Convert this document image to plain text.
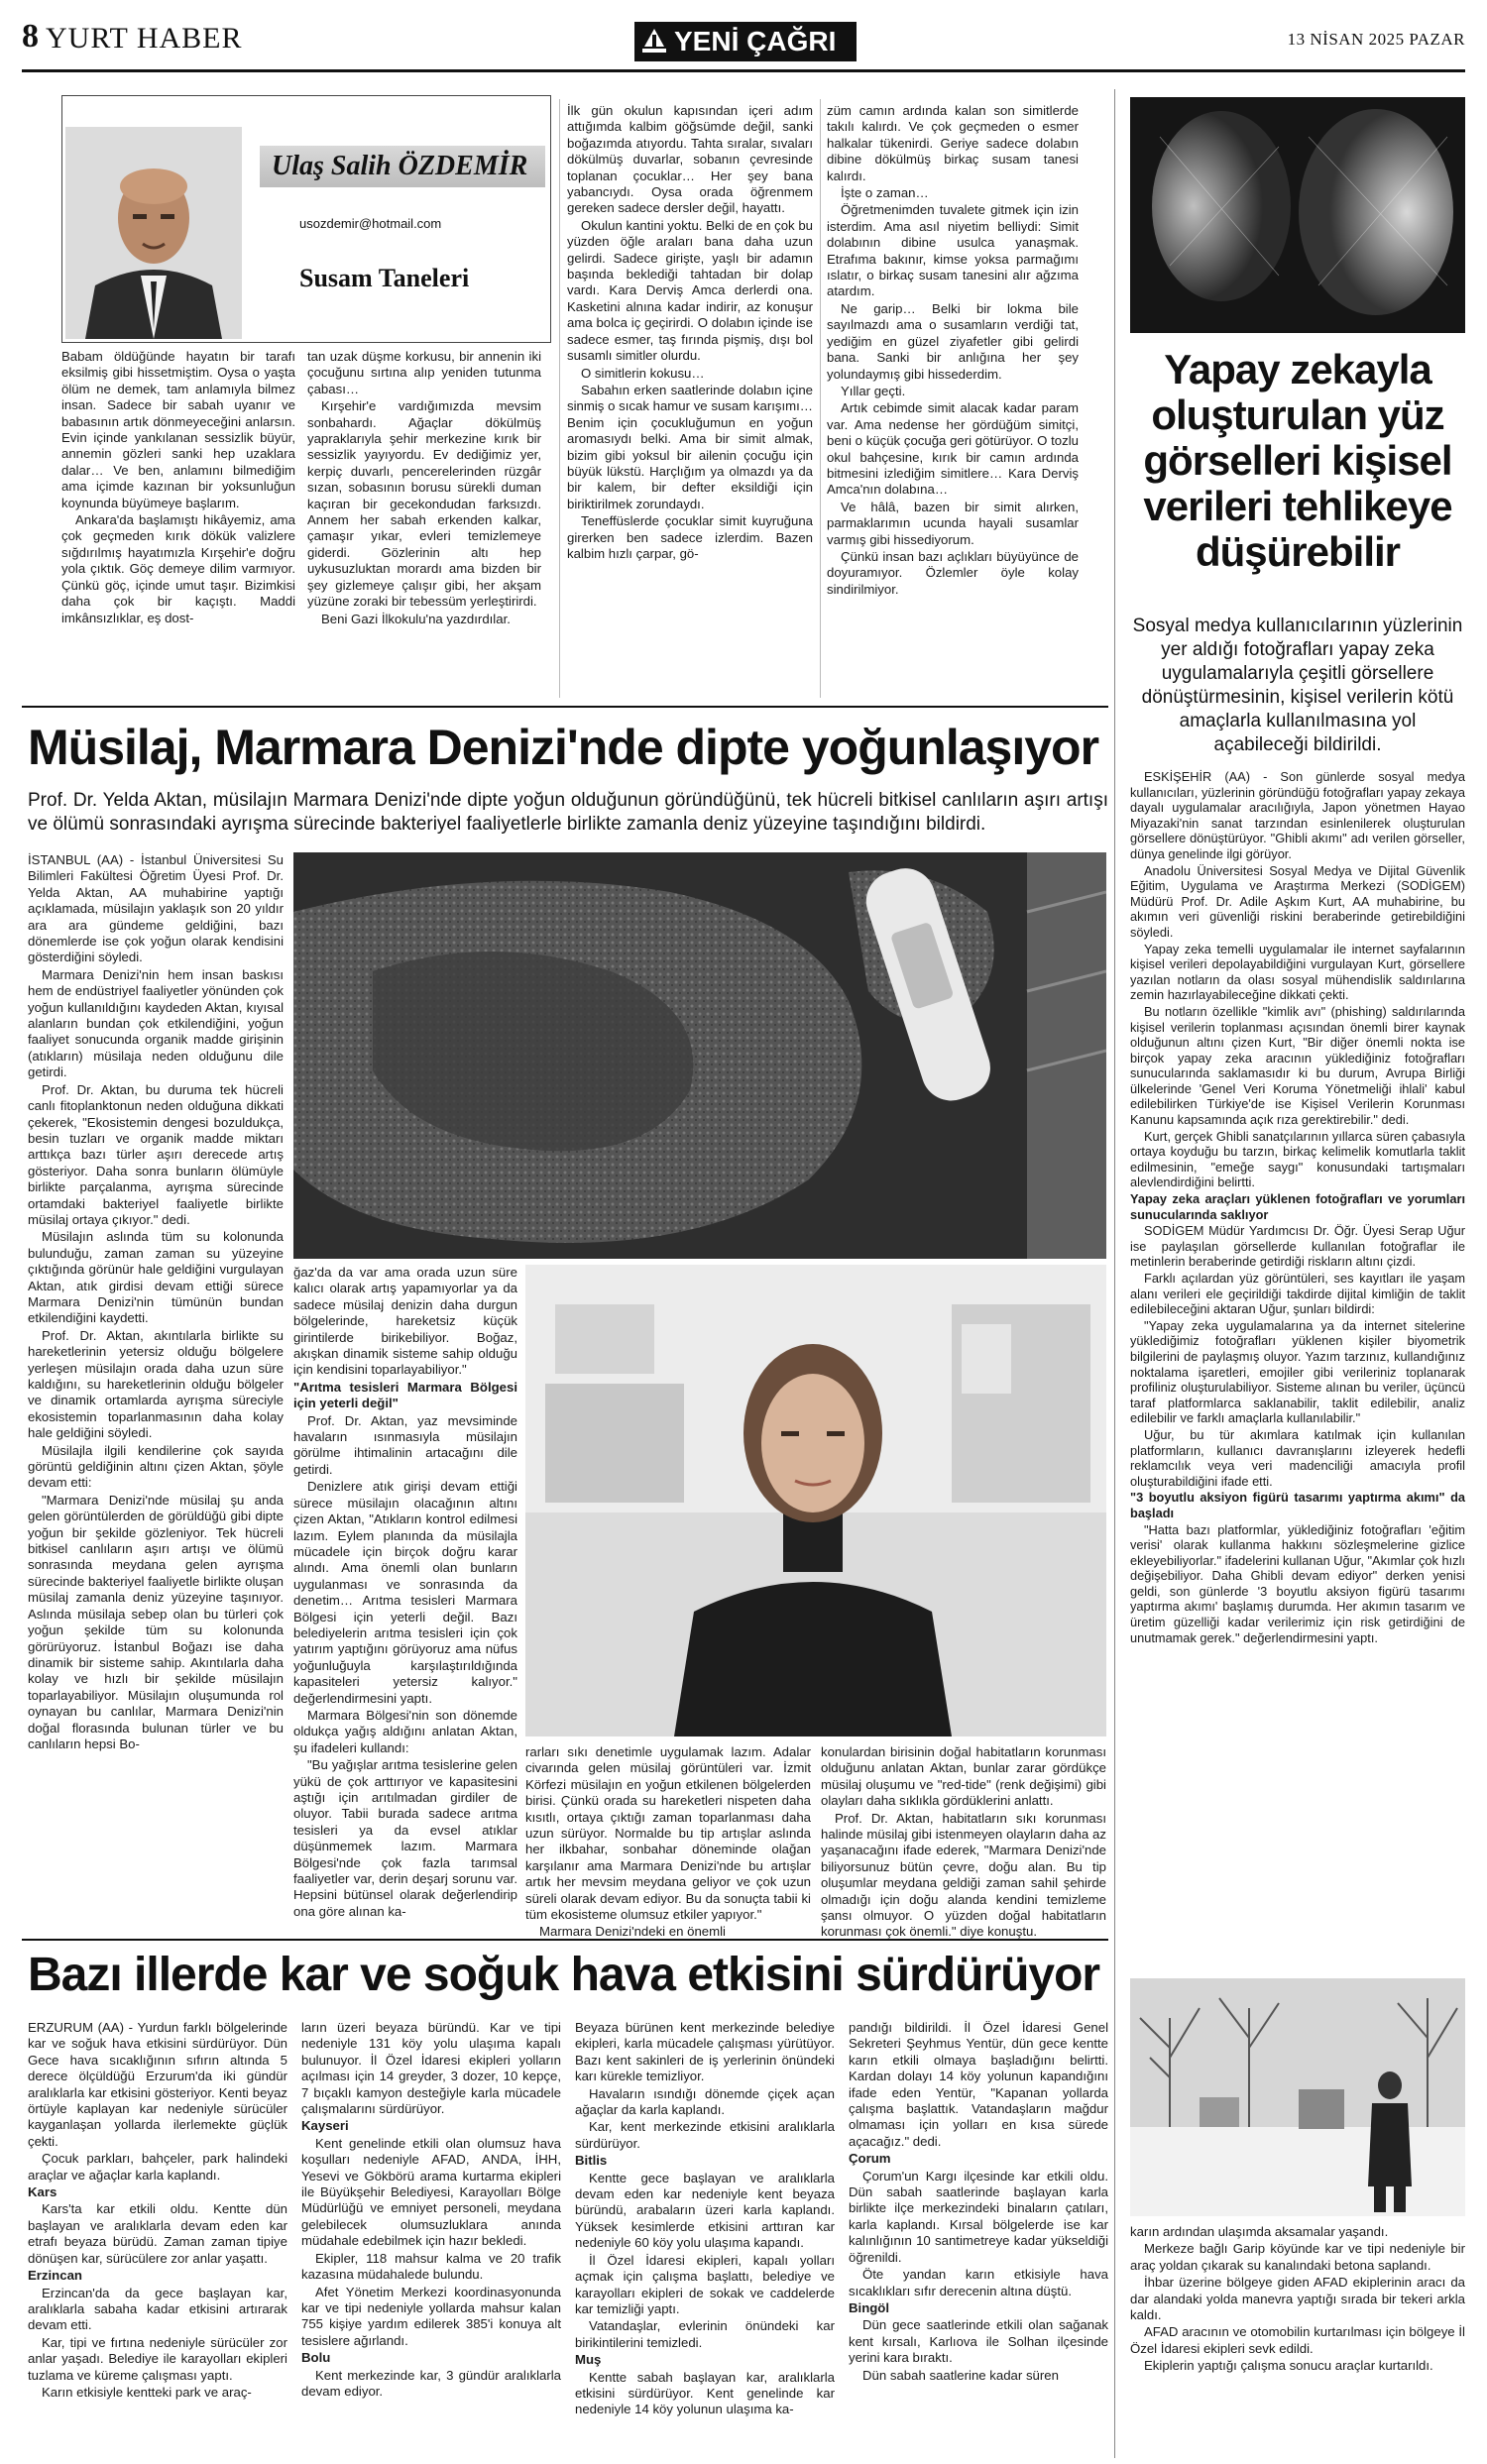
8 YURT HABER	YENİ ÇAĞRI	13 NİSAN 2025 PAZAR
Ulaş Salih ÖZDEMİR
usozdemir@hotmail.com
Susam Taneleri

Babam öldüğünde hayatın bir tarafı eksilmiş gibi hissetmiştim. Oysa o yaşta ölüm ne demek, tam anlamıyla bilmez insan. Sadece bir sabah uyanır ve babasının artık dönmeyeceğini anlarsın. Evin içinde yankılanan sessizlik büyür, annemin gözleri sanki hep uzaklara dalar… Ve ben, anlamını bilmediğim ama içimde kazınan bir yoksunluğun koynunda büyümeye başlarım.

Ankara'da başlamıştı hikâyemiz, ama çok geçmeden kırık dökük valizlere sığdırılmış hayatımızla Kırşehir'e doğru yola çıktık. Göç demeye dilim varmıyor. Çünkü göç, içinde umut taşır. Bizimkisi daha çok bir kaçıştı. Maddi imkânsızlıklar, eş dost-

tan uzak düşme korkusu, bir annenin iki çocuğunu sırtına alıp yeniden tutunma çabası…

Kırşehir'e vardığımızda mevsim sonbahardı. Ağaçlar dökülmüş yapraklarıyla şehir merkezine kırık bir sessizlik yayıyordu. Ev dediğimiz yer, kerpiç duvarlı, pencerelerinden rüzgâr sızan, sobasının borusu sürekli duman kaçıran bir gecekondudan farksızdı. Annem her sabah erkenden kalkar, çamaşır yıkar, evleri temizlemeye giderdi. Gözlerinin altı hep uykusuzluktan morardı ama bizden bir şey gizlemeye çalışır gibi, her akşam yüzüne zoraki bir tebessüm yerleştirirdi.

Beni Gazi İlkokulu'na yazdırdılar.

İlk gün okulun kapısından içeri adım attığımda kalbim göğsümde değil, sanki boğazımda atıyordu. Tahta sıralar, sıvaları dökülmüş duvarlar, sobanın çevresinde toplanan çocuklar… Her şey bana yabancıydı. Oysa orada öğrenmem gereken sadece dersler değil, hayattı.

Okulun kantini yoktu. Belki de en çok bu yüzden öğle araları bana daha uzun gelirdi. Sadece girişte, yaşlı bir adamın başında beklediği tahtadan bir dolap vardı. Kara Derviş Amca derlerdi ona. Kasketini alnına kadar indirir, az konuşur ama bolca iç geçirirdi. O dolabın içinde ise sadece esmer, taş fırında pişmiş, dışı bol susamlı simitler olurdu.

O simitlerin kokusu…

Sabahın erken saatlerinde dolabın içine sinmiş o sıcak hamur ve susam karışımı… Benim için çocukluğumun en yoğun aromasıydı belki. Ama bir simit almak, bizim gibi yoksul bir ailenin çocuğu için büyük lükstü. Harçlığım ya olmazdı ya da bir kalem, bir defter eksildiği için biriktirilmek zorundaydı.

Teneffüslerde çocuklar simit kuyruğuna girerken ben sadece izlerdim. Bazen kalbim hızlı çarpar, gö-

züm camın ardında kalan son simitlerde takılı kalırdı. Ve çok geçmeden o esmer halkalar tükenirdi. Geriye sadece dolabın dibine dökülmüş birkaç susam tanesi kalırdı.

İşte o zaman…

Öğretmenimden tuvalete gitmek için izin isterdim. Ama asıl niyetim belliydi: Simit dolabının dibine usulca yanaşmak. Etrafıma bakınır, kimse yoksa parmağımı ıslatır, o birkaç susam tanesini alır ağzıma atardım.

Ne garip… Belki bir lokma bile sayılmazdı ama o susamların verdiği tat, yediğim en güzel ziyafetler gibi gelirdi bana. Sanki bir anlığına her şey yolundaymış gibi hissederdim.

Yıllar geçti.

Artık cebimde simit alacak kadar param var. Ama nedense her gördüğüm simitçi, beni o küçük çocuğa geri götürüyor. O tozlu okul bahçesine, kırık bir camın ardında bitmesini izlediğim simitlere… Kara Derviş Amca'nın dolabına…

Ve hâlâ, bazen bir simit alırken, parmaklarımın ucunda hayali susamlar varmış gibi hissediyorum.

Çünkü insan bazı açlıkları büyüyünce de doyuramıyor. Özlemler öyle kolay sindirilmiyor.

Yapay zekayla oluşturulan yüz görselleri kişisel verileri tehlikeye düşürebilir
Sosyal medya kullanıcılarının yüzlerinin yer aldığı fotoğrafları yapay zeka uygulamalarıyla çeşitli görsellere dönüştürmesinin, kişisel verilerin kötü amaçlarla kullanılmasına yol açabileceği bildirildi.

ESKİŞEHİR (AA) - Son günlerde sosyal medya kullanıcıları, yüzlerinin göründüğü fotoğrafları yapay zekaya dayalı uygulamalar aracılığıyla, Japon yönetmen Hayao Miyazaki'nin sanat tarzından esinlenilerek oluşturulan görsellere dönüştürüyor. "Ghibli akımı" adı verilen görseller, dünya genelinde ilgi görüyor.

Anadolu Üniversitesi Sosyal Medya ve Dijital Güvenlik Eğitim, Uygulama ve Araştırma Merkezi (SODİGEM) Müdürü Prof. Dr. Adile Aşkım Kurt, AA muhabirine, bu akımın veri güvenliği riskini beraberinde getirebildiğini söyledi.

Yapay zeka temelli uygulamalar ile internet sayfalarının kişisel verileri depolayabildiğini vurgulayan Kurt, görsellere yazılan notların da olası sosyal mühendislik saldırılarına zemin hazırlayabileceğine dikkati çekti.

Bu notların özellikle "kimlik avı" (phishing) saldırılarında kişisel verilerin toplanması açısından önemli birer kaynak olduğunun altını çizen Kurt, "Bir diğer önemli nokta ise birçok yapay zeka aracının yüklediğiniz fotoğrafları sunucularında saklamasıdır ki bu durum, Avrupa Birliği ülkelerinde 'Genel Veri Koruma Yönetmeliği ihlali' kabul edilebilirken Türkiye'de ise Kişisel Verilerin Korunması Kanunu kapsamında açık rıza gerektirebilir." dedi.

Kurt, gerçek Ghibli sanatçılarının yıllarca süren çabasıyla ortaya koyduğu bu tarzın, birkaç kelimelik komutlarla taklit edilmesinin, "emeğe saygı" konusundaki tartışmaları alevlendirdiğini belirtti.

Yapay zeka araçları yüklenen fotoğrafları ve yorumları sunucularında saklıyor

SODİGEM Müdür Yardımcısı Dr. Öğr. Üyesi Serap Uğur ise paylaşılan görsellerde kullanılan fotoğraflar ile metinlerin beraberinde getirdiği riskların altını çizdi.

Farklı açılardan yüz görüntüleri, ses kayıtları ile yaşam alanı verileri ele geçirildiği takdirde dijital kimliğin de taklit edilebileceğini aktaran Uğur, şunları bildirdi:

"Yapay zeka uygulamalarına ya da internet sitelerine yüklediğimiz fotoğrafları yüklenen kişiler biyometrik bilgilerini de paylaşmış oluyor. Yazım tarzınız, kullandığınız noktalama işaretleri, emojiler gibi verileriniz toplanarak profiliniz oluşturulabiliyor. Sisteme alınan bu veriler, üçüncü taraf platformlarca saklanabilir, taklit edilebilir, analiz edilebilir ve farklı amaçlarla kullanılabilir."

Uğur, bu tür akımlara katılmak için kullanılan platformların, kullanıcı davranışlarını izleyerek hedefli reklamcılık veya veri madenciliği amacıyla profil oluşturabildiğini ifade etti.

"3 boyutlu aksiyon figürü tasarımı yaptırma akımı" da başladı

"Hatta bazı platformlar, yüklediğiniz fotoğrafları 'eğitim verisi' olarak kullanma hakkını sözleşmelerine gizlice ekleyebiliyorlar." ifadelerini kullanan Uğur, "Akımlar çok hızlı değişebiliyor. Daha Ghibli devam ediyor" derken yenisi geldi, son günlerde '3 boyutlu aksiyon figürü tasarımı yaptırma akımı' başlamış durumda. Her akımın tasarım ve üretim güzelliği kadar verilerimiz için risk getirdiğini de unutmamak gerek." değerlendirmesini yaptı.

Müsilaj, Marmara Denizi'nde dipte yoğunlaşıyor
Prof. Dr. Yelda Aktan, müsilajın Marmara Denizi'nde dipte yoğun olduğunun göründüğünü, tek hücreli bitkisel canlıların aşırı artışı ve ölümü sonrasındaki ayrışma sürecinde bakteriyel faaliyetlerle birlikte zamanla deniz yüzeyine taşındığını bildirdi.

İSTANBUL (AA) - İstanbul Üniversitesi Su Bilimleri Fakültesi Öğretim Üyesi Prof. Dr. Yelda Aktan, AA muhabirine yaptığı açıklamada, müsilajın yaklaşık son 20 yıldır ara ara gündeme geldiğini, bazı dönemlerde ise çok yoğun olarak kendisini gösterdiğini söyledi.

Marmara Denizi'nin hem insan baskısı hem de endüstriyel faaliyetler yönünden çok yoğun kullanıldığını kaydeden Aktan, kıyısal alanların bundan çok etkilendiğini, yoğun faaliyet sonucunda organik madde girişinin (atıkların) müsilaja neden olduğunu dile getirdi.

Prof. Dr. Aktan, bu duruma tek hücreli canlı fitoplanktonun neden olduğuna dikkati çekerek, "Ekosistemin dengesi bozuldukça, besin tuzları ve organik madde miktarı arttıkça bazı türler aşırı derecede artış gösteriyor. Daha sonra bunların ölümüyle birlikte parçalanma, ayrışma sürecinde ortamdaki bakteriyel faaliyetle birlikte müsilaj ortaya çıkıyor." dedi.

Müsilajın aslında tüm su kolonunda bulunduğu, zaman zaman su yüzeyine çıktığında görünür hale geldiğini vurgulayan Aktan, atık girdisi devam ettiği sürece Marmara Denizi'nin tümünün bundan etkilendiğini kaydetti.

Prof. Dr. Aktan, akıntılarla birlikte su hareketlerinin yetersiz olduğu bölgelere yerleşen müsilajın orada daha uzun süre kaldığını, su hareketlerinin olduğu bölgeler ve dinamik ortamlarda ayrışma süreciyle ekosistemin toparlanmasının daha kolay hale geldiğini söyledi.

Müsilajla ilgili kendilerine çok sayıda görüntü geldiğinin altını çizen Aktan, şöyle devam etti:

"Marmara Denizi'nde müsilaj şu anda gelen görüntülerden de görüldüğü gibi dipte yoğun bir şekilde gözleniyor. Tek hücreli bitkisel canlıların aşırı artışı ve ölümü sonrasında meydana gelen ayrışma sürecinde bakteriyel faaliyetle birlikte oluşan müsilaj zamanla deniz yüzeyine taşınıyor. Aslında müsilaja sebep olan bu türleri çok yoğun şekilde tüm su kolonunda görürüyoruz. İstanbul Boğazı ise daha dinamik bir sisteme sahip. Akıntılarla daha kolay ve hızlı bir şekilde müsilajın toparlayabiliyor. Müsilajın oluşumunda rol oynayan bu canlılar, Marmara Denizi'nin doğal florasında bulunan türler ve bu canlıların hepsi Bo-

ğaz'da da var ama orada uzun süre kalıcı olarak artış yapamıyorlar ya da sadece müsilaj denizin daha durgun bölgelerinde, hareketsiz küçük girintilerde birikebiliyor. Boğaz, akışkan dinamik sisteme sahip olduğu için kendisini toparlayabiliyor."

"Arıtma tesisleri Marmara Bölgesi için yeterli değil"

Prof. Dr. Aktan, yaz mevsiminde havaların ısınmasıyla müsilajın görülme ihtimalinin artacağını dile getirdi.

Denizlere atık girişi devam ettiği sürece müsilajın olacağının altını çizen Aktan, "Atıkların kontrol edilmesi lazım. Eylem planında da müsilajla mücadele için birçok doğru karar alındı. Ama önemli olan bunların uygulanması ve sonrasında da denetim… Arıtma tesisleri Marmara Bölgesi için yeterli değil. Bazı belediyelerin arıtma tesisleri için çok yatırım yaptığını görüyoruz ama nüfus yoğunluğuyla karşılaştırıldığında kapasiteleri yetersiz kalıyor." değerlendirmesini yaptı.

Marmara Bölgesi'nin son dönemde oldukça yağış aldığını anlatan Aktan, şu ifadeleri kullandı:

"Bu yağışlar arıtma tesislerine gelen yükü de çok arttırıyor ve kapasitesini aştığı için arıtılmadan girdiler de oluyor. Tabii burada sadece arıtma tesisleri ya da evsel atıklar düşünmemek lazım. Marmara Bölgesi'nde çok fazla tarımsal faaliyetler var, derin deşarj sorunu var. Hepsini bütünsel olarak değerlendirip ona göre alınan ka-

rarları sıkı denetimle uygulamak lazım. Adalar civarında gelen müsilaj görüntüleri var. İzmit Körfezi müsilajın en yoğun etkilenen bölgelerden birisi. Çünkü orada su hareketleri nispeten daha kısıtlı, ortaya çıktığı zaman toparlanması daha uzun sürüyor. Normalde bu tip artışlar aslında her ilkbahar, sonbahar döneminde olağan karşılanır ama Marmara Denizi'nde bu artışlar artık her mevsim meydana geliyor ve çok uzun süreli olarak devam ediyor. Bu da sonuçta tabii ki tüm ekosisteme olumsuz etkiler yapıyor."

Marmara Denizi'ndeki en önemli

konulardan birisinin doğal habitatların korunması olduğunu anlatan Aktan, bunlar zarar gördükçe müsilaj oluşumu ve "red-tide" (renk değişimi) gibi olayları daha sıklıkla gördüklerini anlattı.

Prof. Dr. Aktan, habitatların sıkı korunması halinde müsilaj gibi istenmeyen olayların daha az yaşanacağını ifade ederek, "Marmara Denizi'nde biliyorsunuz bütün çevre, doğu alan. Bu tip oluşumlar meydana geldiği zaman sahil şehirde olmadığı için doğu alanda kendini temizleme şansı olmuyor. O yüzden doğal habitatların korunması çok önemli." diye konuştu.

Bazı illerde kar ve soğuk hava etkisini sürdürüyor

ERZURUM (AA) - Yurdun farklı bölgelerinde kar ve soğuk hava etkisini sürdürüyor. Dün Gece hava sıcaklığının sıfırın altında 5 derece ölçüldüğü Erzurum'da iki gündür aralıklarla kar etkisini gösteriyor. Kenti beyaz örtüyle kaplayan kar nedeniyle sürücüler kayganlaşan yollarda ilerlemekte güçlük çekti.

Çocuk parkları, bahçeler, park halindeki araçlar ve ağaçlar karla kaplandı.

Kars

Kars'ta kar etkili oldu. Kentte dün başlayan ve aralıklarla devam eden kar etrafı beyaza bürüdü. Zaman zaman tipiye dönüşen kar, sürücülere zor anlar yaşattı.

Erzincan

Erzincan'da da gece başlayan kar, aralıklarla sabaha kadar etkisini artırarak devam etti.

Kar, tipi ve fırtına nedeniyle sürücüler zor anlar yaşadı. Belediye ile karayolları ekipleri tuzlama ve küreme çalışması yaptı.

Karın etkisiyle kentteki park ve araç-

ların üzeri beyaza büründü. Kar ve tipi nedeniyle 131 köy yolu ulaşıma kapalı bulunuyor. İl Özel İdaresi ekipleri yolların açılması için 14 greyder, 3 dozer, 10 kepçe, 7 bıçaklı kamyon desteğiyle karla mücadele çalışmalarını sürdürüyor.

Kayseri

Kent genelinde etkili olan olumsuz hava koşulları nedeniyle AFAD, ANDA, İHH, Yesevi ve Gökbörü arama kurtarma ekipleri ile Büyükşehir Belediyesi, Karayolları Bölge Müdürlüğü ve emniyet personeli, meydana gelebilecek olumsuzluklara anında müdahale edebilmek için hazır bekledi.

Ekipler, 118 mahsur kalma ve 20 trafik kazasına müdahalede bulundu.

Afet Yönetim Merkezi koordinasyonunda kar ve tipi nedeniyle yollarda mahsur kalan 755 kişiye yardım edilerek 385'i konuya alt tesislere ağırlandı.

Bolu

Kent merkezinde kar, 3 gündür aralıklarla devam ediyor.

Beyaza bürünen kent merkezinde belediye ekipleri, karla mücadele çalışması yürütüyor. Bazı kent sakinleri de iş yerlerinin önündeki karı kürekle temizliyor.

Havaların ısındığı dönemde çiçek açan ağaçlar da karla kaplandı.

Kar, kent merkezinde etkisini aralıklarla sürdürüyor.

Bitlis

Kentte gece başlayan ve aralıklarla devam eden kar nedeniyle kent beyaza büründü, arabaların üzeri karla kaplandı. Yüksek kesimlerde etkisini arttıran kar nedeniyle 60 köy yolu ulaşıma kapandı.

İl Özel İdaresi ekipleri, kapalı yolları açmak için çalışma başlattı, belediye ve karayolları ekipleri de sokak ve caddelerde kar temizliği yaptı.

Vatandaşlar, evlerinin önündeki kar birikintilerini temizledi.

Muş

Kentte sabah başlayan kar, aralıklarla etkisini sürdürüyor. Kent genelinde kar nedeniyle 14 köy yolunun ulaşıma ka-

pandığı bildirildi. İl Özel İdaresi Genel Sekreteri Şeyhmus Yentür, dün gece kentte karın etkili olmaya başladığını belirtti. Kardan dolayı 14 köy yolunun kapandığını ifade eden Yentür, "Kapanan yollarda çalışma başlattık. Vatandaşların mağdur olmaması için yolları en kısa sürede açacağız." dedi.

Çorum

Çorum'un Kargı ilçesinde kar etkili oldu. Dün sabah saatlerinde başlayan karla birlikte ilçe merkezindeki binaların çatıları, karla kaplandı. Kırsal bölgelerde ise kar kalınlığının 10 santimetreye kadar yükseldiği öğrenildi.

Öte yandan karın etkisiyle hava sıcaklıkları sıfır derecenin altına düştü.

Bingöl

Dün gece saatlerinde etkili olan sağanak kent kırsalı, Karlıova ile Solhan ilçesinde yerini kara bıraktı.

Dün sabah saatlerine kadar süren

karın ardından ulaşımda aksamalar yaşandı.

Merkeze bağlı Garip köyünde kar ve tipi nedeniyle bir araç yoldan çıkarak su kanalındaki betona saplandı.

İhbar üzerine bölgeye giden AFAD ekiplerinin aracı da dar alandaki yolda manevra yaptığı sırada bir tekeri arkla kaldı.

AFAD aracının ve otomobilin kurtarılması için bölgeye İl Özel İdaresi ekipleri sevk edildi.

Ekiplerin yaptığı çalışma sonucu araçlar kurtarıldı.
